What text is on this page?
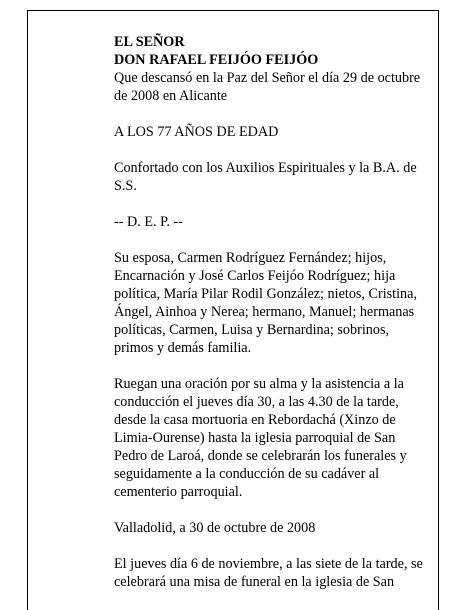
EL SEÑOR
DON RAFAEL FEIJÓO FEIJÓO

Que descansó en la Paz del Señor el día 29 de octubre de 2008 en Alicante

A LOS 77 AÑOS DE EDAD

Confortado con los Auxilios Espirituales y la B.A. de S.S.

-- D. E. P. --

Su esposa, Carmen Rodríguez Fernández; hijos, Encarnación y José Carlos Feijóo Rodríguez; hija política, María Pilar Rodil González; nietos, Cristina, Ángel, Ainhoa y Nerea; hermano, Manuel; hermanas políticas, Carmen, Luisa y Bernardina; sobrinos, primos y demás familia.

Ruegan una oración por su alma y la asistencia a la conducción el jueves día 30, a las 4.30 de la tarde, desde la casa mortuoria en Rebordachá (Xinzo de Limia-Ourense) hasta la iglesia parroquial de San Pedro de Laroá, donde se celebrarán los funerales y seguidamente a la conducción de su cadáver al cementerio parroquial.

Valladolid, a 30 de octubre de 2008

El jueves día 6 de noviembre, a las siete de la tarde, se celebrará una misa de funeral en la iglesia de San
